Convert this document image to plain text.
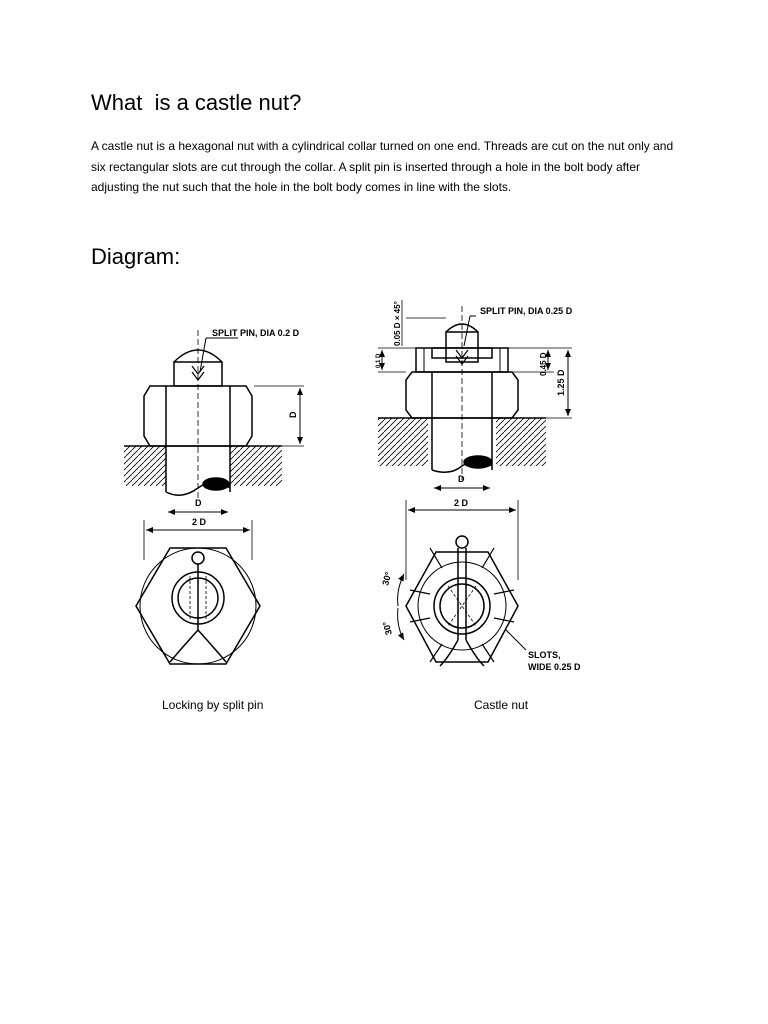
What  is a castle nut?

A castle nut is a hexagonal nut with a cylindrical collar turned on one end. Threads are cut on the nut only and six rectangular slots are cut through the collar. A split pin is inserted through a hole in the bolt body after adjusting the nut such that the hole in the bolt body comes in line with the slots.

Diagram:
SPLIT PIN, DIA 0.2 D
D
D
2 D
SPLIT PIN, DIA 0.25 D
0.05 D × 45°
0.1 D	0.45 D
1.25 D
D
2 D
30°
30°
SLOTS,
WIDE 0.25 D

Locking by split pin	Castle nut
